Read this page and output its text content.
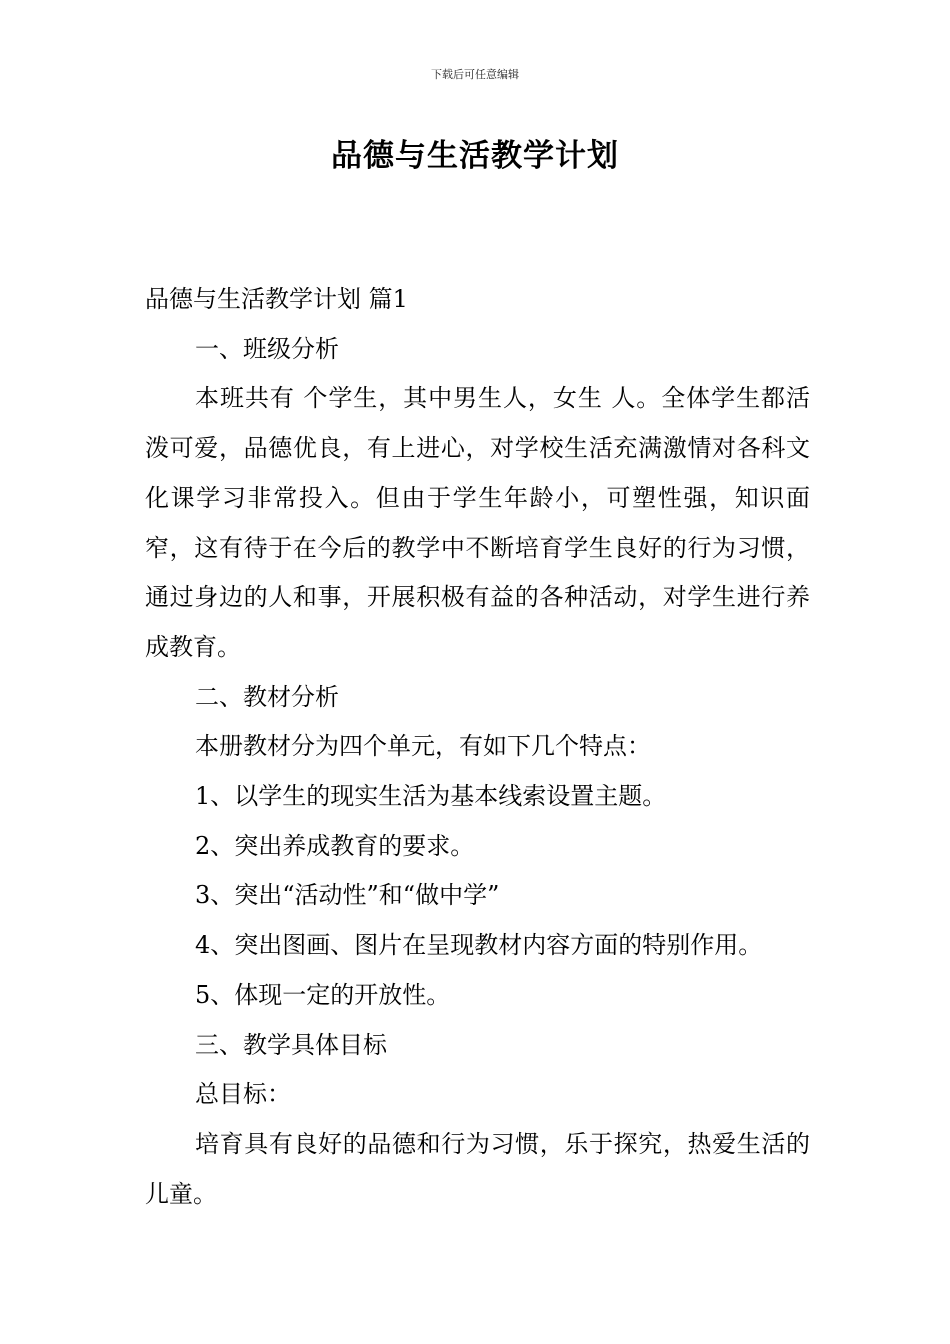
下载后可任意编辑
品德与生活教学计划

品德与生活教学计划 篇1

一、班级分析

本班共有 个学生，其中男生人，女生 人。全体学生都活泼可爱，品德优良，有上进心，对学校生活充满激情对各科文化课学习非常投入。但由于学生年龄小，可塑性强，知识面窄，这有待于在今后的教学中不断培育学生良好的行为习惯，通过身边的人和事，开展积极有益的各种活动，对学生进行养成教育。

二、教材分析

本册教材分为四个单元，有如下几个特点：

1、以学生的现实生活为基本线索设置主题。

2、突出养成教育的要求。

3、突出“活动性”和“做中学”

4、突出图画、图片在呈现教材内容方面的特别作用。

5、体现一定的开放性。

三、教学具体目标

总目标：

培育具有良好的品德和行为习惯，乐于探究，热爱生活的儿童。
